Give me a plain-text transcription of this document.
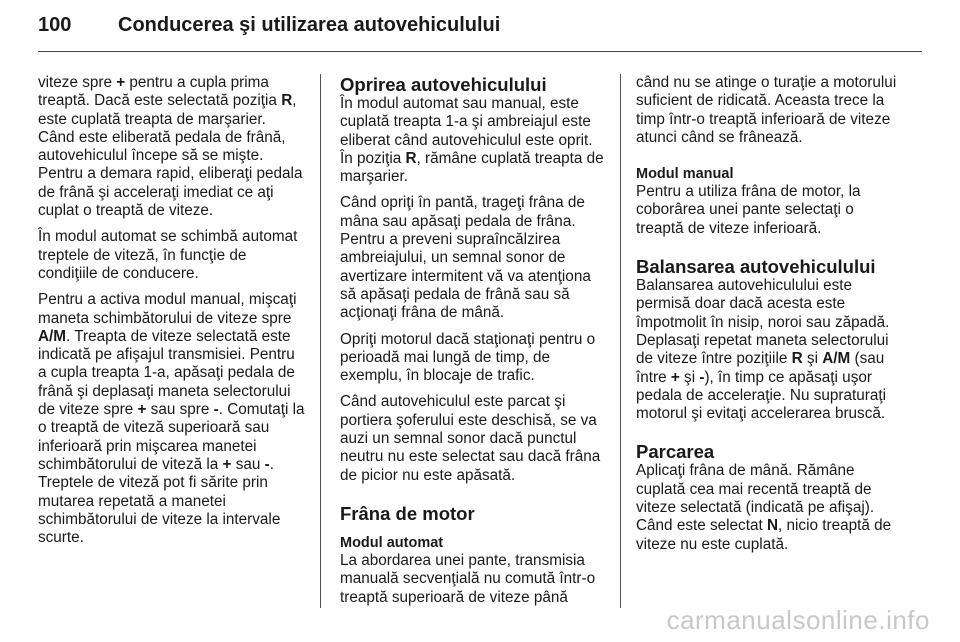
100	Conducerea şi utilizarea autovehiculului

viteze spre + pentru a cupla prima treaptă. Dacă este selectată poziţia R, este cuplată treapta de marşarier. Când este eliberată pedala de frână, autovehiculul începe să se mişte. Pentru a demara rapid, eliberaţi pedala de frână şi acceleraţi imediat ce aţi cuplat o treaptă de viteze.

În modul automat se schimbă automat treptele de viteză, în funcţie de condiţiile de conducere.

Pentru a activa modul manual, mişcaţi maneta schimbătorului de viteze spre A/M. Treapta de viteze selectată este indicată pe afişajul transmisiei. Pentru a cupla treapta 1-a, apăsaţi pedala de frână şi deplasaţi maneta selectorului de viteze spre + sau spre -. Comutaţi la o treaptă de viteză superioară sau inferioară prin mişcarea manetei schimbătorului de viteză la + sau -. Treptele de viteză pot fi sărite prin mutarea repetată a manetei schimbătorului de viteze la intervale scurte.

Oprirea autovehiculului

În modul automat sau manual, este cuplată treapta 1-a şi ambreiajul este eliberat când autovehiculul este oprit. În poziţia R, rămâne cuplată treapta de marşarier.

Când opriţi în pantă, trageţi frâna de mâna sau apăsaţi pedala de frâna. Pentru a preveni supraîncălzirea ambreiajului, un semnal sonor de avertizare intermitent vă va atenţiona să apăsaţi pedala de frână sau să acţionaţi frâna de mână.

Opriţi motorul dacă staţionaţi pentru o perioadă mai lungă de timp, de exemplu, în blocaje de trafic.

Când autovehiculul este parcat şi portiera şoferului este deschisă, se va auzi un semnal sonor dacă punctul neutru nu este selectat sau dacă frâna de picior nu este apăsată.

Frâna de motor
Modul automat

La abordarea unei pante, transmisia manuală secvenţială nu comută într-o treaptă superioară de viteze până

când nu se atinge o turaţie a motorului suficient de ridicată. Aceasta trece la timp într-o treaptă inferioară de viteze atunci când se frânează.

Modul manual

Pentru a utiliza frâna de motor, la coborârea unei pante selectaţi o treaptă de viteze inferioară.

Balansarea autovehiculului

Balansarea autovehiculului este permisă doar dacă acesta este împotmolit în nisip, noroi sau zăpadă. Deplasaţi repetat maneta selectorului de viteze între poziţiile R şi A/M (sau între + şi -), în timp ce apăsaţi uşor pedala de acceleraţie. Nu supraturaţi motorul şi evitaţi accelerarea bruscă.

Parcarea

Aplicaţi frâna de mână. Rămâne cuplată cea mai recentă treaptă de viteze selectată (indicată pe afişaj). Când este selectat N, nicio treaptă de viteze nu este cuplată.

carmanualsonline.info
